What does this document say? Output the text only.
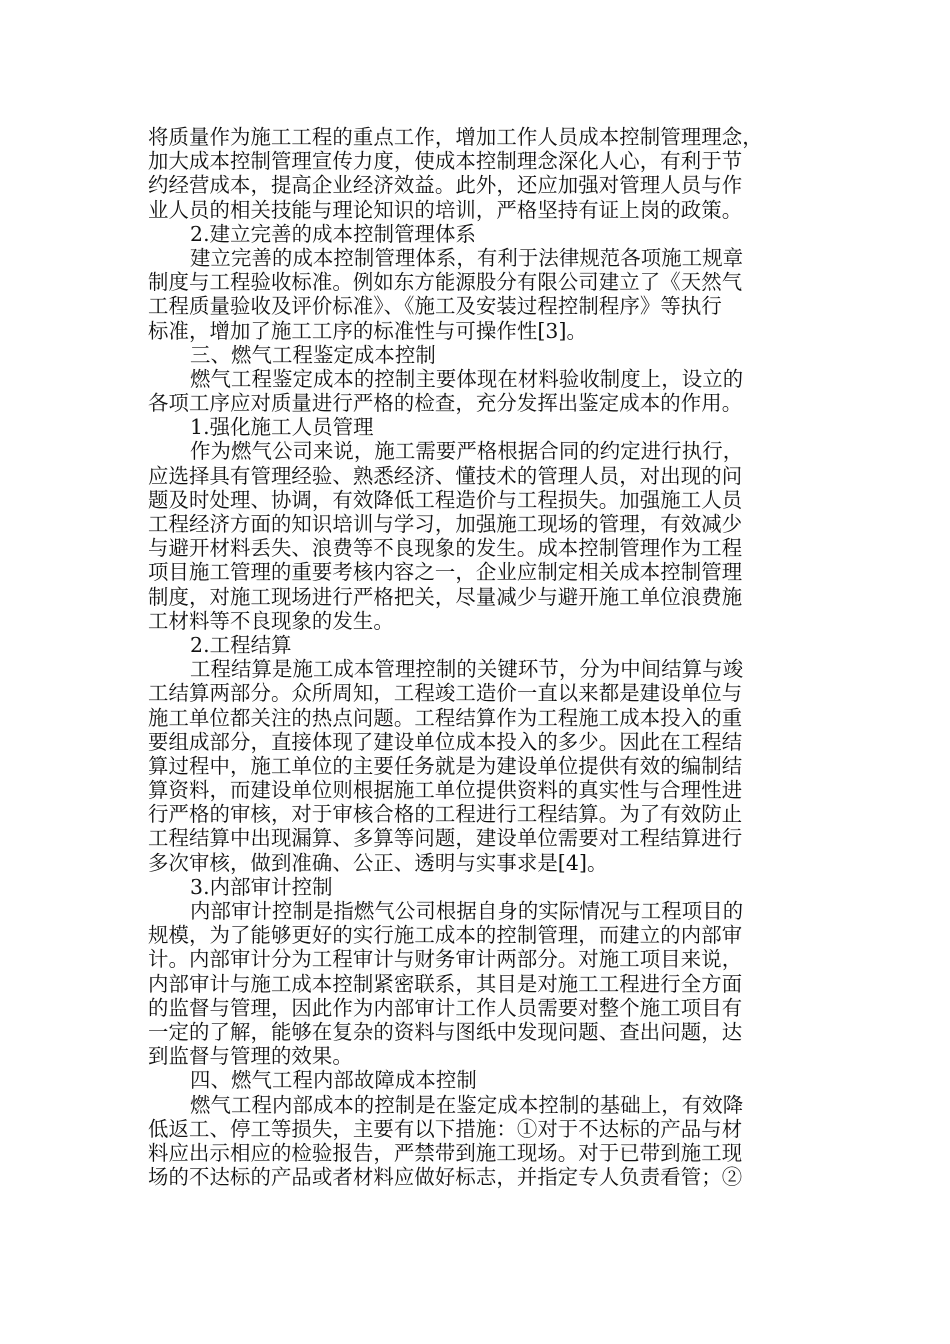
将质量作为施工工程的重点工作，增加工作人员成本控制管理理念，
加大成本控制管理宣传力度，使成本控制理念深化人心，有利于节
约经营成本，提高企业经济效益。此外，还应加强对管理人员与作
业人员的相关技能与理论知识的培训，严格坚持有证上岗的政策。
2.建立完善的成本控制管理体系
建立完善的成本控制管理体系，有利于法律规范各项施工规章
制度与工程验收标准。例如东方能源股分有限公司建立了《天然气
工程质量验收及评价标准》、《施工及安装过程控制程序》等执行
标准，增加了施工工序的标准性与可操作性[3]。
三、燃气工程鉴定成本控制
燃气工程鉴定成本的控制主要体现在材料验收制度上，设立的
各项工序应对质量进行严格的检查，充分发挥出鉴定成本的作用。
1.强化施工人员管理
作为燃气公司来说，施工需要严格根据合同的约定进行执行，
应选择具有管理经验、熟悉经济、懂技术的管理人员，对出现的问
题及时处理、协调，有效降低工程造价与工程损失。加强施工人员
工程经济方面的知识培训与学习，加强施工现场的管理，有效减少
与避开材料丢失、浪费等不良现象的发生。成本控制管理作为工程
项目施工管理的重要考核内容之一，企业应制定相关成本控制管理
制度，对施工现场进行严格把关，尽量减少与避开施工单位浪费施
工材料等不良现象的发生。
2.工程结算
工程结算是施工成本管理控制的关键环节，分为中间结算与竣
工结算两部分。众所周知，工程竣工造价一直以来都是建设单位与
施工单位都关注的热点问题。工程结算作为工程施工成本投入的重
要组成部分，直接体现了建设单位成本投入的多少。因此在工程结
算过程中，施工单位的主要任务就是为建设单位提供有效的编制结
算资料，而建设单位则根据施工单位提供资料的真实性与合理性进
行严格的审核，对于审核合格的工程进行工程结算。为了有效防止
工程结算中出现漏算、多算等问题，建设单位需要对工程结算进行
多次审核，做到准确、公正、透明与实事求是[4]。
3.内部审计控制
内部审计控制是指燃气公司根据自身的实际情况与工程项目的
规模，为了能够更好的实行施工成本的控制管理，而建立的内部审
计。内部审计分为工程审计与财务审计两部分。对施工项目来说，
内部审计与施工成本控制紧密联系，其目是对施工工程进行全方面
的监督与管理，因此作为内部审计工作人员需要对整个施工项目有
一定的了解，能够在复杂的资料与图纸中发现问题、查出问题，达
到监督与管理的效果。
四、燃气工程内部故障成本控制
燃气工程内部成本的控制是在鉴定成本控制的基础上，有效降
低返工、停工等损失，主要有以下措施：①对于不达标的产品与材
料应出示相应的检验报告，严禁带到施工现场。对于已带到施工现
场的不达标的产品或者材料应做好标志，并指定专人负责看管；②
